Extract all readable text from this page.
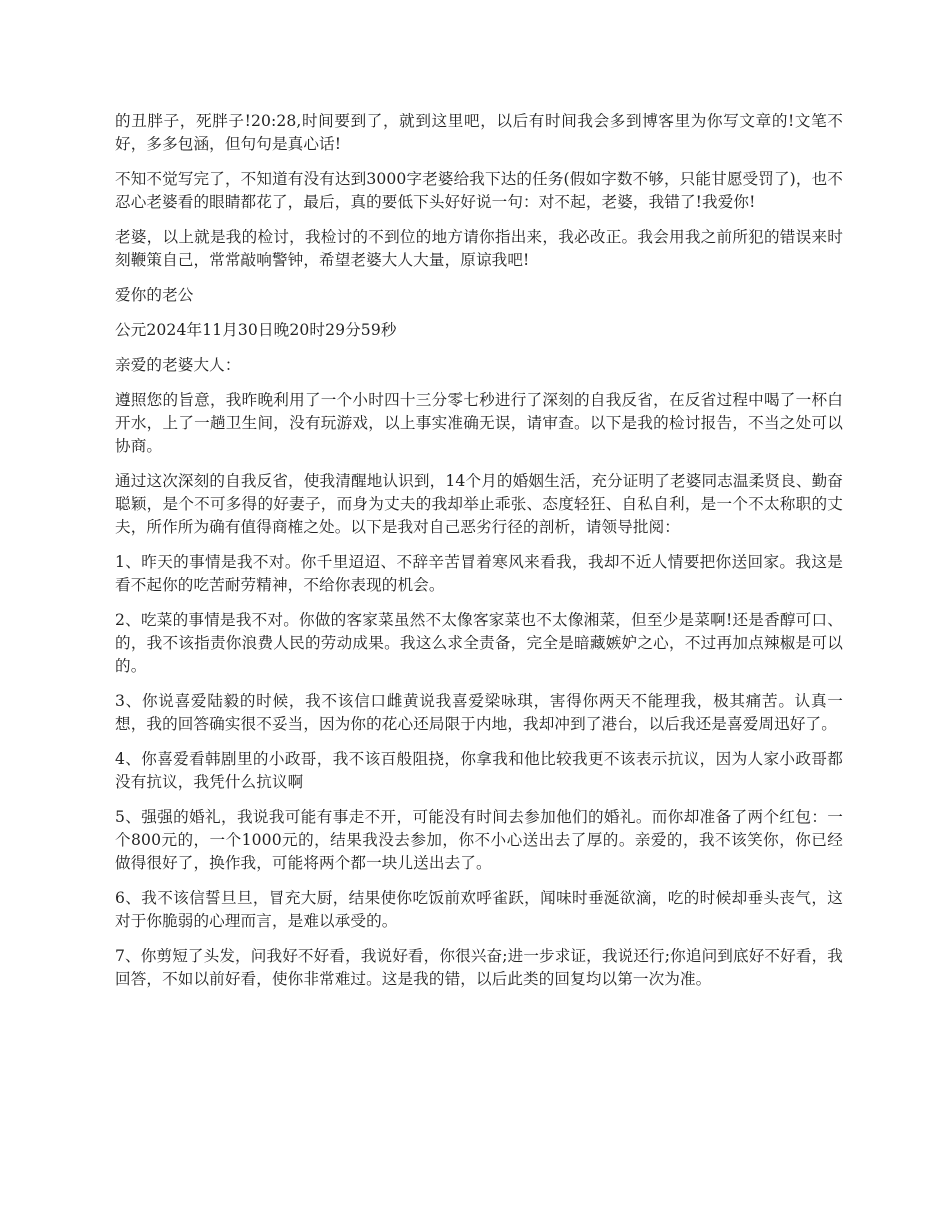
的丑胖子，死胖子!20:28,时间要到了，就到这里吧，以后有时间我会多到博客里为你写文章的!文笔不好，多多包涵，但句句是真心话!

不知不觉写完了，不知道有没有达到3000字老婆给我下达的任务(假如字数不够，只能甘愿受罚了)，也不忍心老婆看的眼睛都花了，最后，真的要低下头好好说一句：对不起，老婆，我错了!我爱你!

老婆，以上就是我的检讨，我检讨的不到位的地方请你指出来，我必改正。我会用我之前所犯的错误来时刻鞭策自己，常常敲响警钟，希望老婆大人大量，原谅我吧!

爱你的老公

公元2024年11月30日晚20时29分59秒

亲爱的老婆大人：

遵照您的旨意，我昨晚利用了一个小时四十三分零七秒进行了深刻的自我反省，在反省过程中喝了一杯白开水，上了一趟卫生间，没有玩游戏，以上事实准确无误，请审查。以下是我的检讨报告，不当之处可以协商。

通过这次深刻的自我反省，使我清醒地认识到，14个月的婚姻生活，充分证明了老婆同志温柔贤良、勤奋聪颖，是个不可多得的好妻子，而身为丈夫的我却举止乖张、态度轻狂、自私自利，是一个不太称职的丈夫，所作所为确有值得商榷之处。以下是我对自己恶劣行径的剖析，请领导批阅：

1、昨天的事情是我不对。你千里迢迢、不辞辛苦冒着寒风来看我，我却不近人情要把你送回家。我这是看不起你的吃苦耐劳精神，不给你表现的机会。

2、吃菜的事情是我不对。你做的客家菜虽然不太像客家菜也不太像湘菜，但至少是菜啊!还是香醇可口、的，我不该指责你浪费人民的劳动成果。我这么求全责备，完全是暗藏嫉妒之心，不过再加点辣椒是可以的。

3、你说喜爱陆毅的时候，我不该信口雌黄说我喜爱梁咏琪，害得你两天不能理我，极其痛苦。认真一想，我的回答确实很不妥当，因为你的花心还局限于内地，我却冲到了港台，以后我还是喜爱周迅好了。

4、你喜爱看韩剧里的小政哥，我不该百般阻挠，你拿我和他比较我更不该表示抗议，因为人家小政哥都没有抗议，我凭什么抗议啊

5、强强的婚礼，我说我可能有事走不开，可能没有时间去参加他们的婚礼。而你却准备了两个红包：一个800元的，一个1000元的，结果我没去参加，你不小心送出去了厚的。亲爱的，我不该笑你，你已经做得很好了，换作我，可能将两个都一块儿送出去了。

6、我不该信誓旦旦，冒充大厨，结果使你吃饭前欢呼雀跃，闻味时垂涎欲滴，吃的时候却垂头丧气，这对于你脆弱的心理而言，是难以承受的。

7、你剪短了头发，问我好不好看，我说好看，你很兴奋;进一步求证，我说还行;你追问到底好不好看，我回答，不如以前好看，使你非常难过。这是我的错，以后此类的回复均以第一次为准。
